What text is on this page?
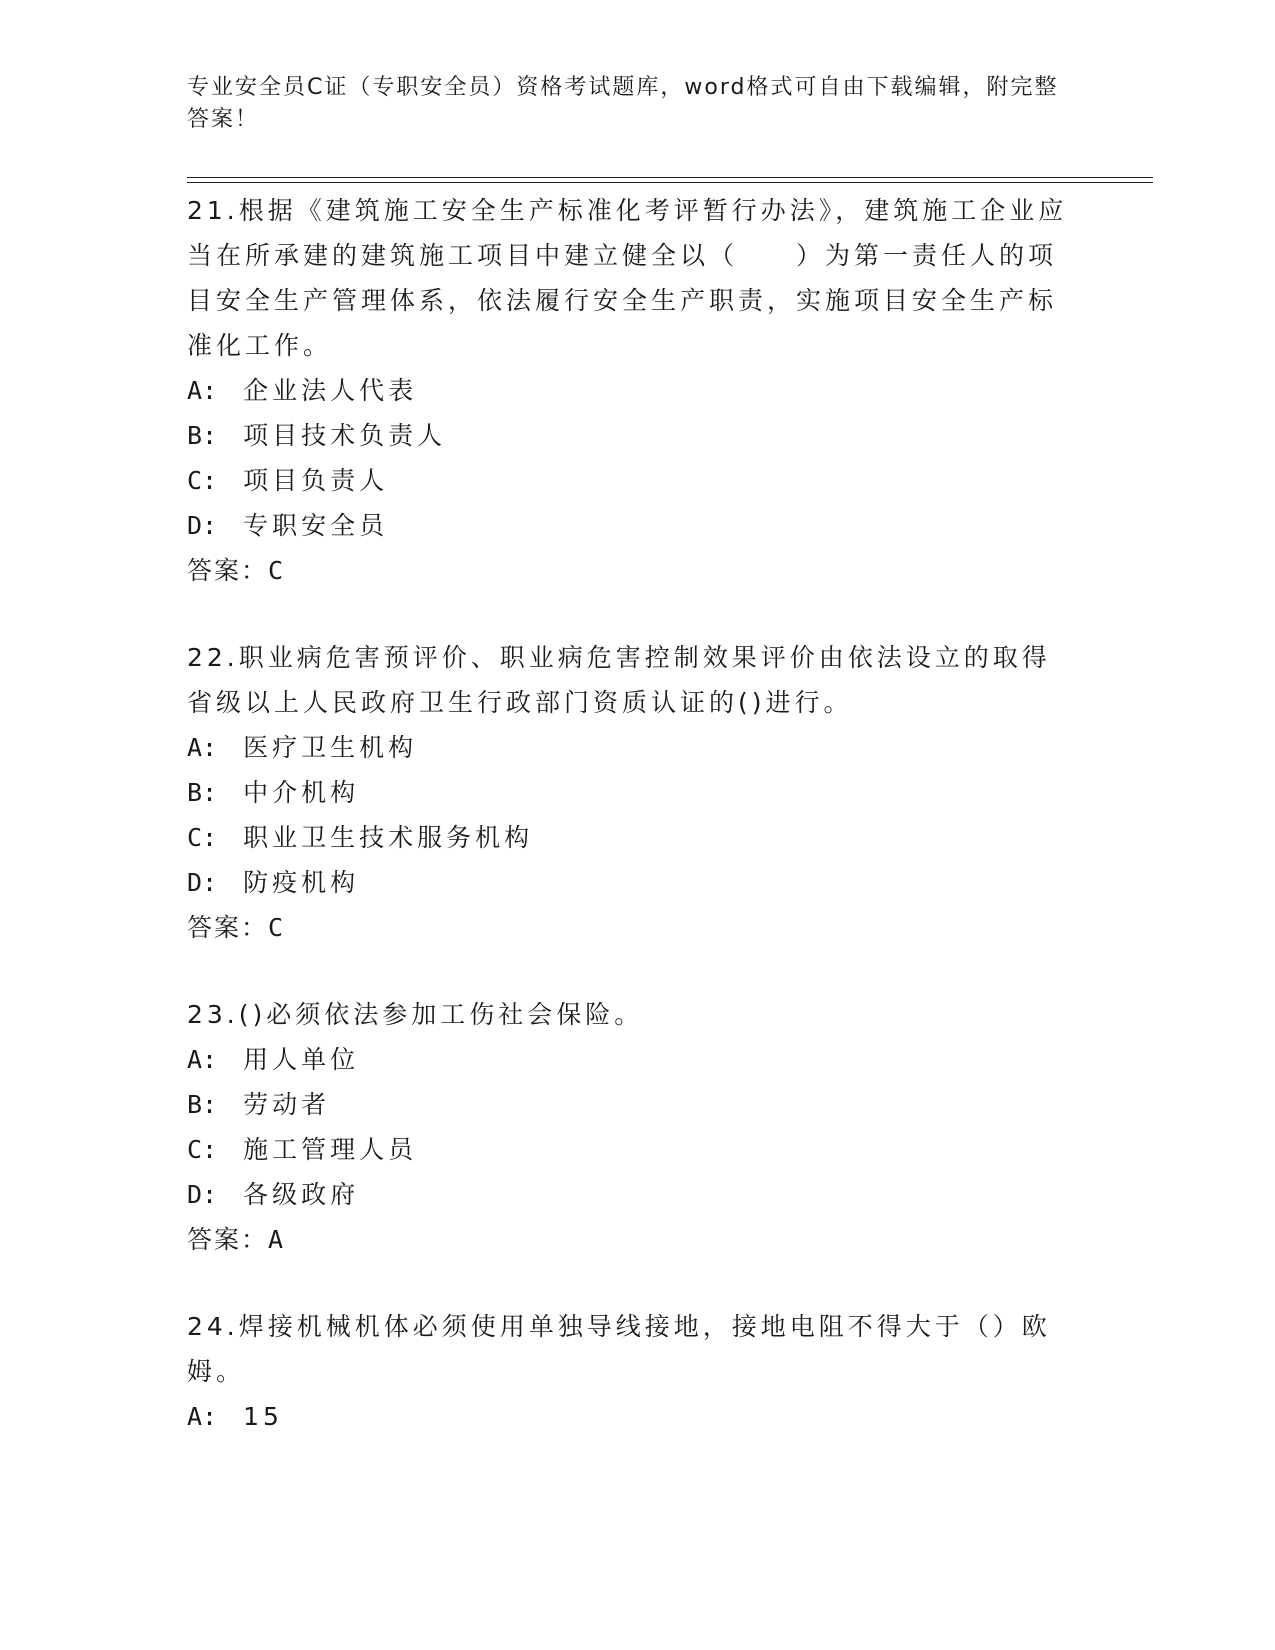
专业安全员C证（专职安全员）资格考试题库，word格式可自由下载编辑，附完整答案！

21.根据《建筑施工安全生产标准化考评暂行办法》，建筑施工企业应当在所承建的建筑施工项目中建立健全以（　　）为第一责任人的项目安全生产管理体系，依法履行安全生产职责，实施项目安全生产标准化工作。

A: 企业法人代表

B: 项目技术负责人

C: 项目负责人

D: 专职安全员

答案：C

22.职业病危害预评价、职业病危害控制效果评价由依法设立的取得省级以上人民政府卫生行政部门资质认证的()进行。

A: 医疗卫生机构

B: 中介机构

C: 职业卫生技术服务机构

D: 防疫机构

答案：C

23.()必须依法参加工伤社会保险。

A: 用人单位

B: 劳动者

C: 施工管理人员

D: 各级政府

答案：A

24.焊接机械机体必须使用单独导线接地，接地电阻不得大于（）欧姆。

A: 15
